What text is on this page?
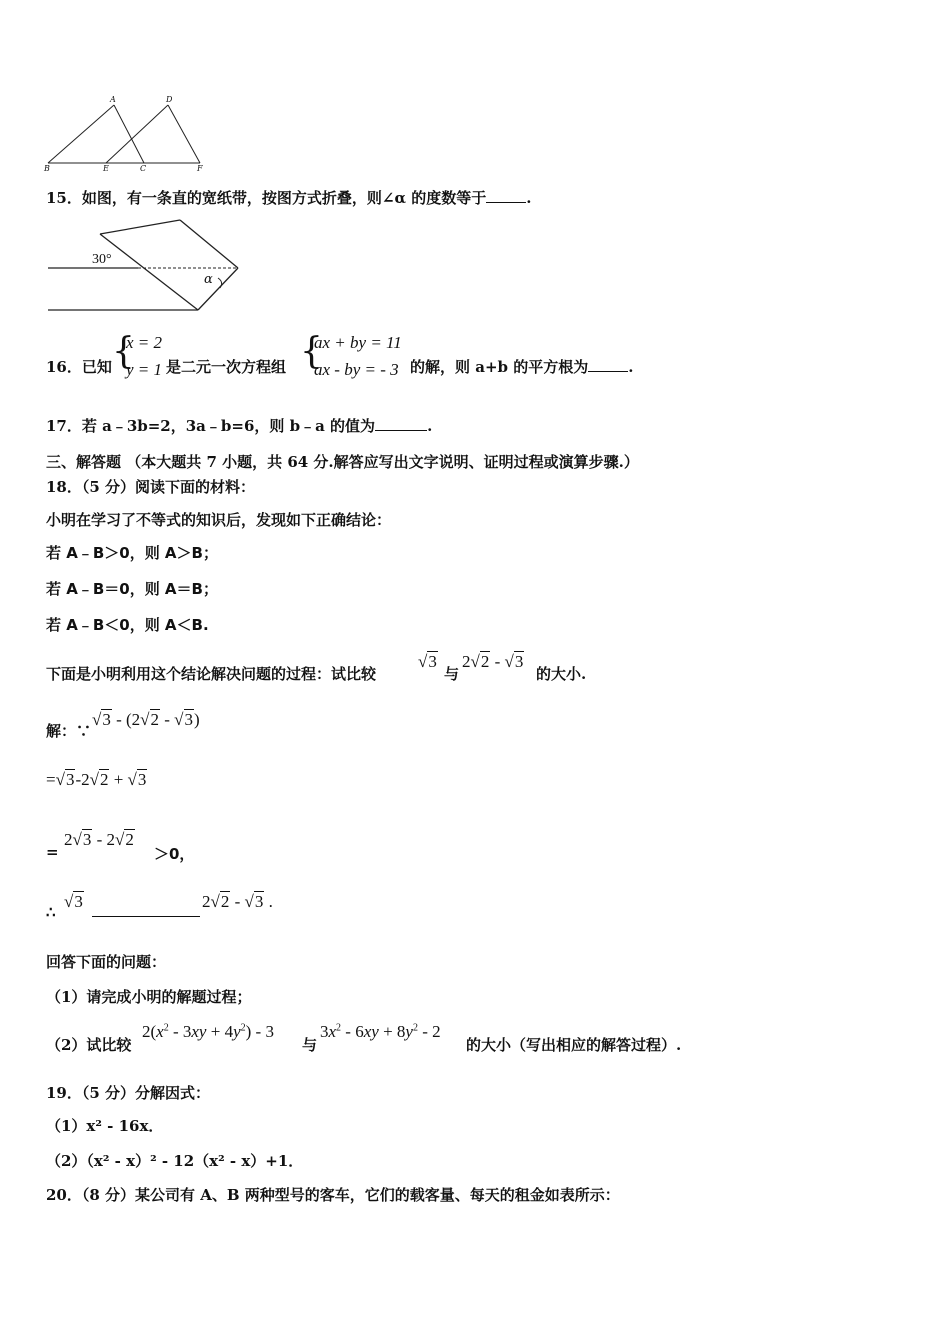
A	D
B	E	C	F
15．如图，有一条直的宽纸带，按图方式折叠，则∠α 的度数等于	.
30°
α
16．已知 {
x = 2
y = 1 是二元一次方程组 {
ax + by = 11
ax - by = - 3 的解，则 a+b 的平方根为	.
17．若 a﹣3b=2，3a﹣b=6，则 b﹣a 的值为	.
三、解答题 （本大题共 7 小题，共 64 分.解答应写出文字说明、证明过程或演算步骤.）
18．（5 分）阅读下面的材料：
小明在学习了不等式的知识后，发现如下正确结论：
若 A﹣B＞0，则 A＞B；
若 A﹣B＝0，则 A＝B；
若 A﹣B＜0，则 A＜B.
下面是小明利用这个结论解决问题的过程：试比较
√3
与
2√2 - √3
的大小.
解：∵
√3 - (2√2 - √3)
=√3-2√2 + √3
=
2√3 - 2√2
＞0，
∴
√3	2√2 - √3 .
回答下面的问题：
（1）请完成小明的解题过程；
（2）试比较
$2(x^2 - 3xy + 4y^2) - 3$
与
$3x^2 - 6xy + 8y^2 - 2$
的大小（写出相应的解答过程）.
19．（5 分）分解因式：
（1）x² - 16x．
（2）（x² - x）² - 12（x² - x）+1．
20．（8 分）某公司有 A、B 两种型号的客车，它们的载客量、每天的租金如表所示：
